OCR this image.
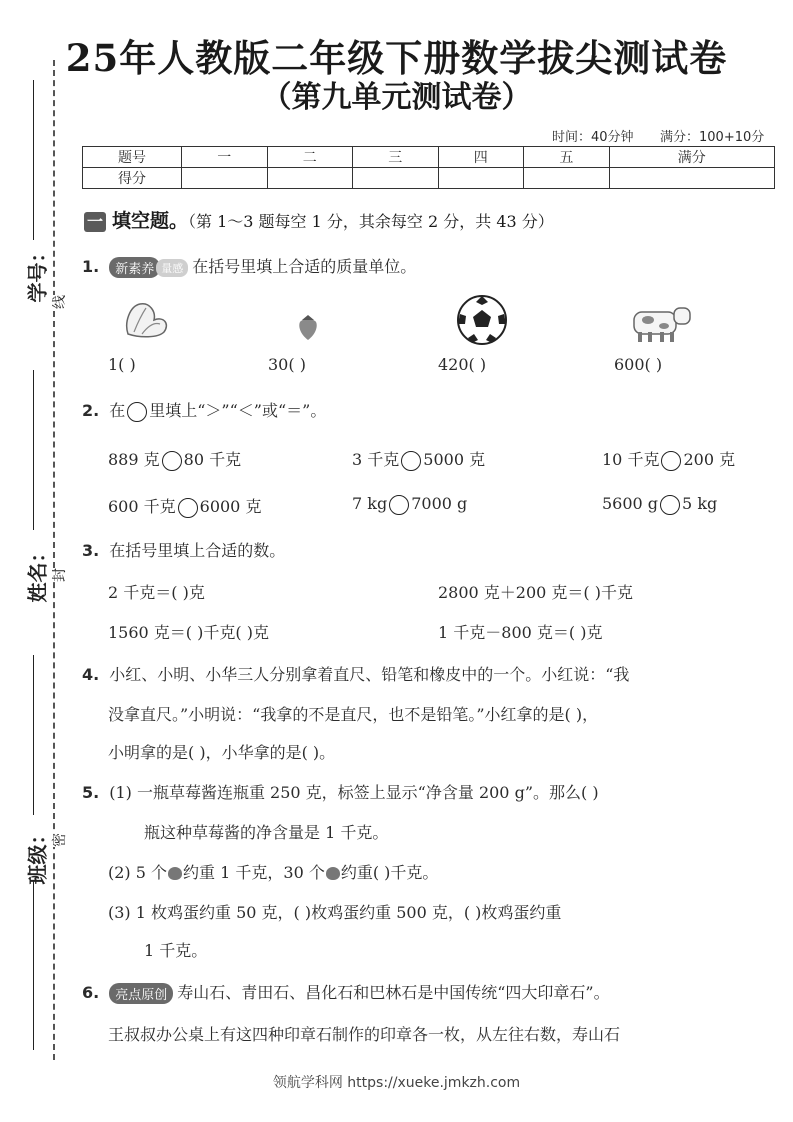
学号： 线
姓名： 封
班级： 密
25年人教版二年级下册数学拔尖测试卷
（第九单元测试卷）
时间：40分钟 满分：100+10分
题号	一	二	三	四	五	满分
得分						
一 填空题。（第 1～3 题每空 1 分，其余每空 2 分，共 43 分）
1. 新素养 量感 在括号里填上合适的质量单位。
1( )	30( )	420( )	600( )
2. 在 里填上“＞”“＜”或“＝”。
889 克 80 千克	3 千克 5000 克	10 千克 200 克
600 千克 6000 克	7 kg 7000 g	5600 g 5 kg
3. 在括号里填上合适的数。
2 千克＝( )克	2800 克＋200 克＝( )千克
1560 克＝( )千克( )克	1 千克－800 克＝( )克
4. 小红、小明、小华三人分别拿着直尺、铅笔和橡皮中的一个。小红说：“我
没拿直尺。”小明说：“我拿的不是直尺，也不是铅笔。”小红拿的是( )，
小明拿的是( )，小华拿的是( )。
5. (1) 一瓶草莓酱连瓶重 250 克，标签上显示“净含量 200 g”。那么( )
瓶这种草莓酱的净含量是 1 千克。
(2) 5 个 约重 1 千克，30 个 约重( )千克。
(3) 1 枚鸡蛋约重 50 克，( )枚鸡蛋约重 500 克，( )枚鸡蛋约重
1 千克。
6. 亮点原创 寿山石、青田石、昌化石和巴林石是中国传统“四大印章石”。
王叔叔办公桌上有这四种印章石制作的印章各一枚，从左往右数，寿山石
领航学科网 https://xueke.jmkzh.com
